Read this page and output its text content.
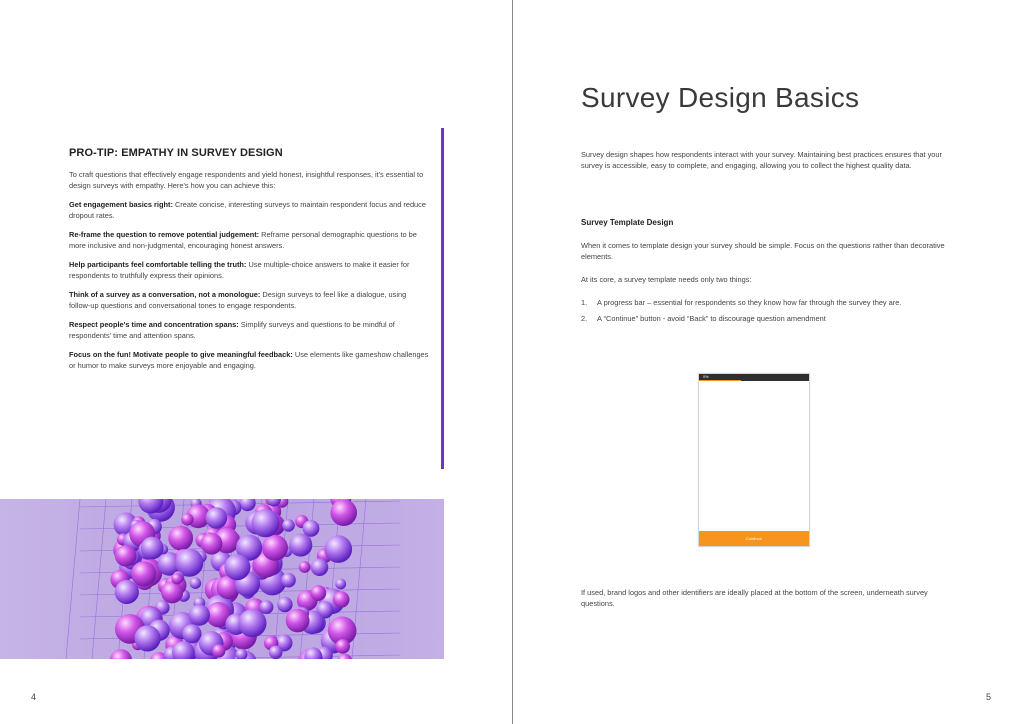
PRO-TIP: EMPATHY IN SURVEY DESIGN

To craft questions that effectively engage respondents and yield honest, insightful responses, it's essential to design surveys with empathy. Here's how you can achieve this:

Get engagement basics right: Create concise, interesting surveys to maintain respondent focus and reduce dropout rates.

Re-frame the question to remove potential judgement: Reframe personal demographic questions to be more inclusive and non-judgmental, encouraging honest answers.

Help participants feel comfortable telling the truth: Use multiple-choice answers to make it easier for respondents to truthfully express their opinions.

Think of a survey as a conversation, not a monologue: Design surveys to feel like a dialogue, using follow-up questions and conversational tones to engage respondents.

Respect people's time and concentration spans: Simplify surveys and questions to be mindful of respondents' time and attention spans.

Focus on the fun! Motivate people to give meaningful feedback: Use elements like gameshow challenges or humor to make surveys more enjoyable and engaging.

4
Survey Design Basics

Survey design shapes how respondents interact with your survey. Maintaining best practices ensures that your survey is accessible, easy to complete, and engaging, allowing you to collect the highest quality data.

Survey Template Design

When it comes to template design your survey should be simple. Focus on the questions rather than decorative elements.

At its core, a survey template needs only two things:

1. A progress bar – essential for respondents so they know how far through the survey they are.
2. A “Continue” button - avoid “Back” to discourage question amendment
0%
Continue

If used, brand logos and other identifiers are ideally placed at the bottom of the screen, underneath survey questions.

5
